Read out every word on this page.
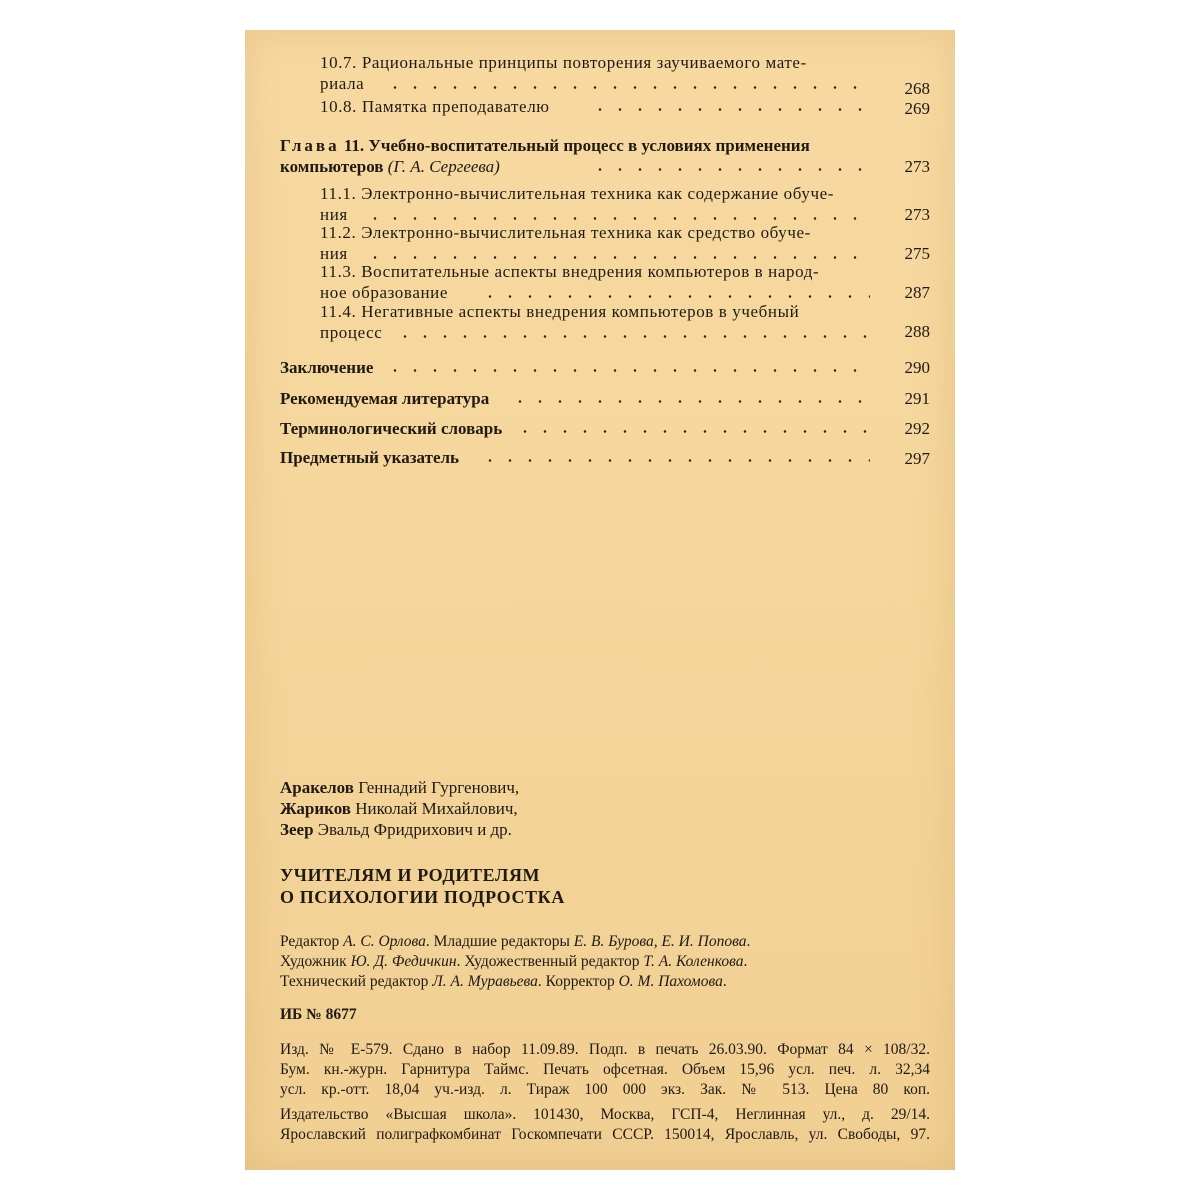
10.7. Рациональные принципы повторения заучиваемого мате-
риала	268
10.8. Памятка преподавателю	269
Глава 11. Учебно-воспитательный процесс в условиях применения
компьютеров (Г. А. Сергеева)	273
11.1. Электронно-вычислительная техника как содержание обуче-
ния	273
11.2. Электронно-вычислительная техника как средство обуче-
ния	275
11.3. Воспитательные аспекты внедрения компьютеров в народ-
ное образование	287
11.4. Негативные аспекты внедрения компьютеров в учебный
процесс	288
Заключение	290
Рекомендуемая литература	291
Терминологический словарь	292
Предметный указатель	297
Аракелов Геннадий Гургенович,
Жариков Николай Михайлович,
Зеер Эвальд Фридрихович и др.
УЧИТЕЛЯМ И РОДИТЕЛЯМ
О ПСИХОЛОГИИ ПОДРОСТКА
Редактор А. С. Орлова. Младшие редакторы Е. В. Бурова, Е. И. Попова.
Художник Ю. Д. Федичкин. Художественный редактор Т. А. Коленкова.
Технический редактор Л. А. Муравьева. Корректор О. М. Пахомова.
ИБ № 8677
Изд. № Е-579. Сдано в набор 11.09.89. Подп. в печать 26.03.90. Формат 84 × 108/32.
Бум. кн.-журн. Гарнитура Таймс. Печать офсетная. Объем 15,96 усл. печ. л. 32,34
усл. кр.-отт. 18,04 уч.-изд. л. Тираж 100 000 экз. Зак. № 513. Цена 80 коп.
Издательство «Высшая школа». 101430, Москва, ГСП-4, Неглинная ул., д. 29/14.
Ярославский полиграфкомбинат Госкомпечати СССР. 150014, Ярославль, ул. Свободы, 97.
